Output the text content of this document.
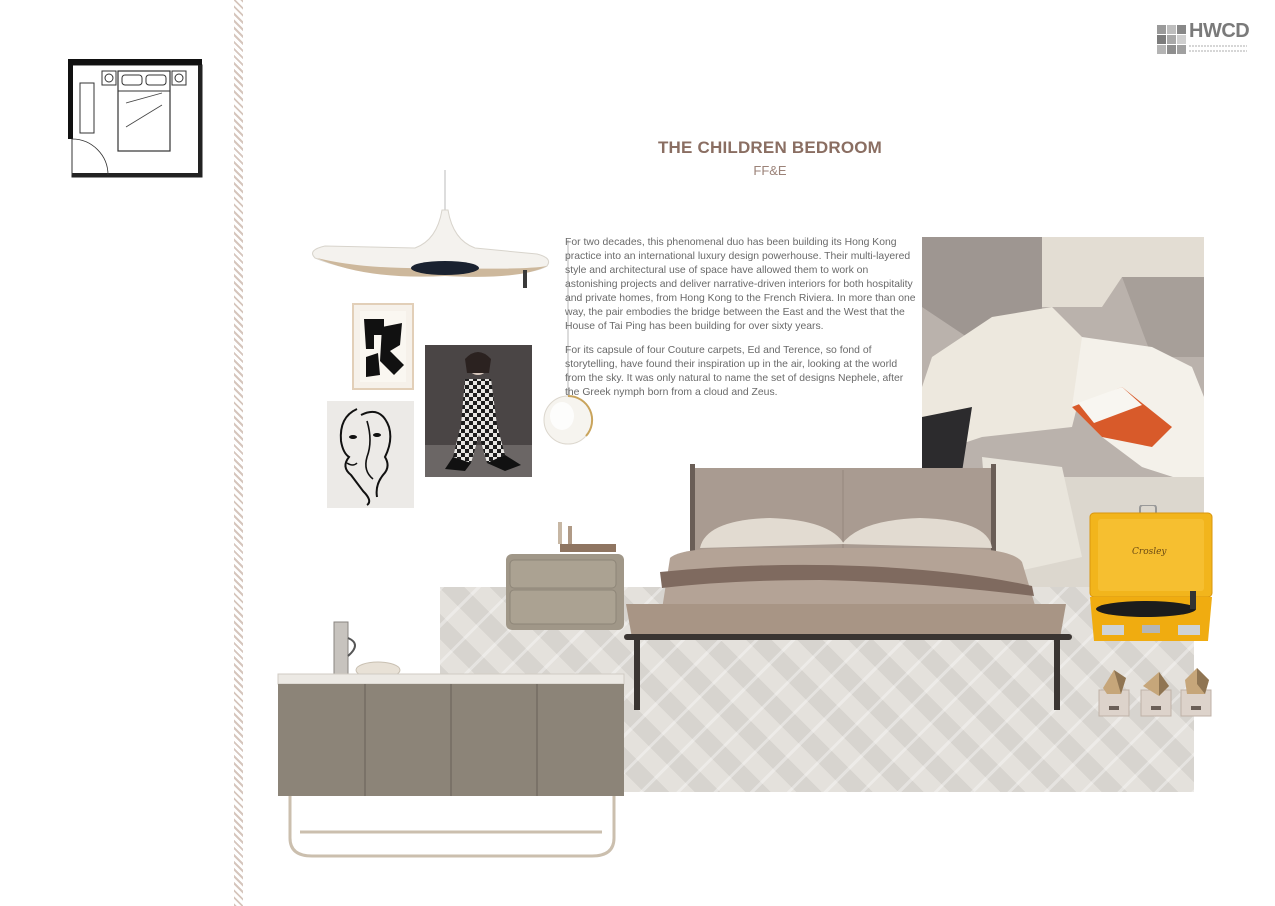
HWCD
THE CHILDREN BEDROOM
FF&E

For two decades, this phenomenal duo has been building its Hong Kong practice into an international luxury design powerhouse. Their multi-layered style and architectural use of space have allowed them to work on astonishing projects and deliver narrative-driven interiors for both hospitality and private homes, from Hong Kong to the French Riviera. In more than one way, the pair embodies the bridge between the East and the West that the House of Tai Ping has been building for over sixty years.

For its capsule of four Couture carpets, Ed and Terence, so fond of storytelling, have found their inspiration up in the air, looking at the world from the sky. It was only natural to name the set of designs Nephele, after the Greek nymph born from a cloud and Zeus.

Crosley
